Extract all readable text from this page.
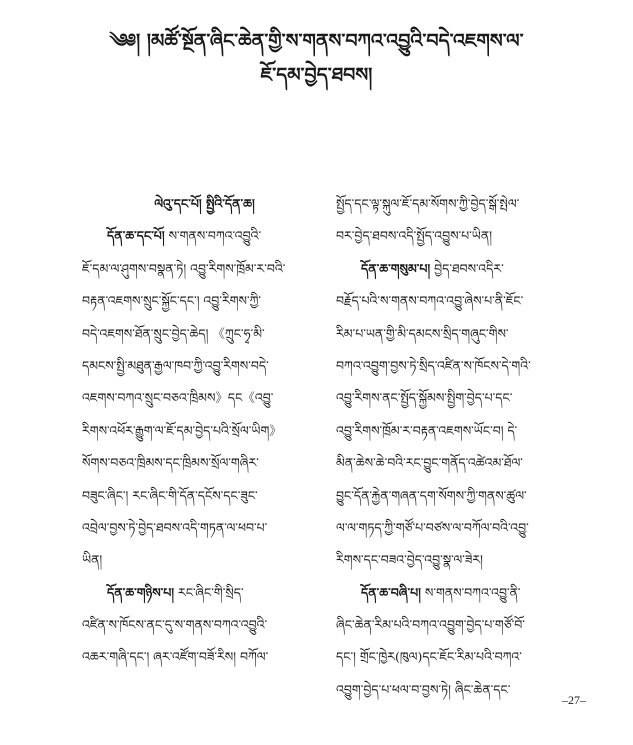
༄༅། །མཚོ་སྔོན་ཞིང་ཆེན་གྱི་ས་གནས་བཀའ་འབྱུའི་བདེ་འཇགས་ལ་
ཇོ་དམ་བྱེད་ཐབས།
ལེའུ་དང་པོ། སྤྱིའི་དོན་ཆ།
དོན་ཆ་དང་པོ། ས་གནས་བཀའ་འབྱུའི་
ཇོ་དམ་ལ་ཤུགས་བསྣན་ཏེ། འབྱུ་རིགས་ཁྲོམ་ར་བའི་
བརྟན་འཇགས་སྲུང་སྐྱོང་དང་། འབྱུ་རིགས་ཀྱི་
བདེ་འཇགས་ཐོན་སྲུང་བྱེད་ཆེད། 《ཀྲུང་ཧྭ་མི་
དམངས་སྤྱི་མཐུན་རྒྱལ་ཁབ་ཀྱི་འབྱུ་རིགས་བདེ་
འཇགས་བཀའ་སྲུང་བཅའ་ཁྲིམས》དང《འབྱུ་
རིགས་འཕོར་རྒྱུག་ལ་ཇོ་དམ་བྱེད་པའི་སྲོལ་ཡིག》
སོགས་བཅའ་ཁྲིམས་དང་ཁྲིམས་སྲོལ་གཞིར་
བཟུང་ཞིང་། རང་ཞིང་གི་དོན་དངོས་དང་ཟུང་
འབྲེལ་བྱས་ཏེ་བྱེད་ཐབས་འདི་གཏན་ལ་ཕབ་པ་
ཡིན།
དོན་ཆ་གཉིས་པ། རང་ཞིང་གི་སྲིད་
འཛིན་ས་ཁོངས་ནང་དུ་ས་གནས་བཀའ་འབྱུའི་
འཆར་གཞི་དང་། ཞར་འཛོག་བཟོ་རིས། བཀོལ་
སྤྱོད་དང་ལྟ་སྐུལ་ཇོ་དམ་སོགས་ཀྱི་བྱེད་སྒོ་སྤེལ་
བར་བྱེད་ཐབས་འདི་སྤྱོད་འབྱུས་པ་ཡིན།
དོན་ཆ་གསུམ་པ། བྱེད་ཐབས་འདིར་
བརྗོད་པའི་ས་གནས་བཀའ་འབྱུ་ཞེས་པ་ནི་ཇོང་
རིམ་པ་ཡན་གྱི་མི་དམངས་སྲིད་གཞུང་གིས་
བཀའ་འབྱུག་བྱས་ཏེ་སྲིད་འཛིན་ས་ཁོངས་དེ་གའི་
འབྱུ་རིགས་ནང་སྤྱོད་སྐྱོམས་སྤྱིག་བྱེད་པ་དང་
འབྱུ་རིགས་ཁྲོམ་ར་བརྟན་འཇགས་ཡོང་བ། དེ་
མིན་ཆེས་ཆེ་བའི་རང་བྱུང་གནོད་འཚེའམ་ཐོལ་
བྱུང་དོན་རྐྱེན་གཞན་དག་སོགས་ཀྱི་གནས་ཚུལ་
ལ་ལ་གཏད་ཀྱི་གཙོ་པ་བཙས་ལ་བཀོལ་བའི་འབྱུ་
རིགས་དང་བཟའ་བྱེད་འབྱུ་སྣ་ལ་ཟེར།
དོན་ཆ་བཞི་པ། ས་གནས་བཀའ་འབྱུ་ནི་
ཞིང་ཆེན་རིམ་པའི་བཀའ་འབྱུག་བྱེད་པ་གཙོ་བོ་
དང་། གྲོང་ཁྱེར(ཁུལ)དང་ཇོང་རིམ་པའི་བཀའ་
འབྱུག་བྱེད་པ་ཕལ་བ་བྱས་ཏེ། ཞིང་ཆེན་དང་
–27–
